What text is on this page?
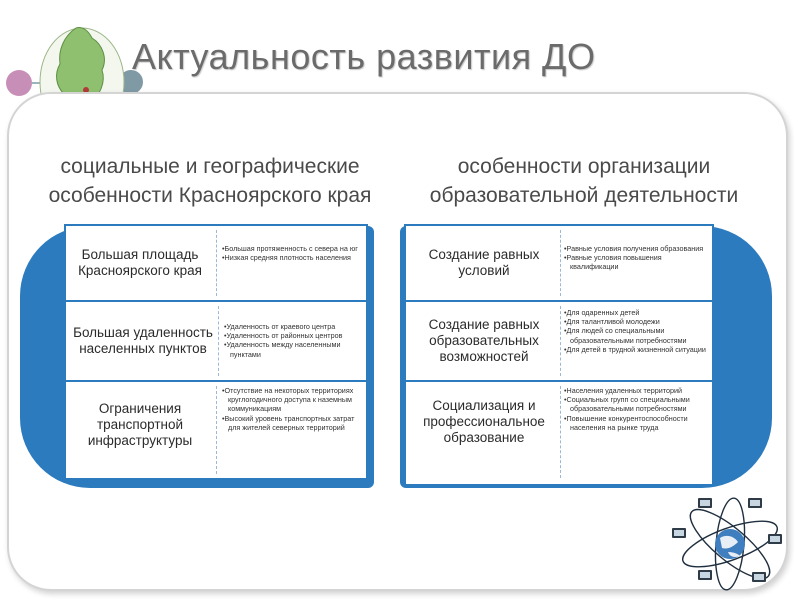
Актуальность развития ДО
социальные и географические
особенности Красноярского края
особенности организации
образовательной деятельности
Большая площадь Красноярского края
•Большая протяженность с севера на юг
•Низкая средняя плотность населения
Большая удаленность населенных пунктов
•Удаленность от краевого центра
•Удаленность от районных центров
•Удаленность между населенными пунктами
Ограничения транспортной инфраструктуры
•Отсутствие на некоторых территориях круглогодичного доступа к наземным коммуникациям
•Высокий уровень транспортных затрат для жителей северных территорий
Создание равных условий
•Равные условия получения образования
•Равные условия повышения квалификации
Создание равных образовательных возможностей
•Для одаренных детей
•Для талантливой молодежи
•Для людей со специальными образовательными потребностями
•Для детей в трудной жизненной ситуации
Социализация и профессиональное образование
•Населения удаленных территорий
•Социальных групп со специальными образовательными потребностями
•Повышение конкурентоспособности населения на рынке труда
